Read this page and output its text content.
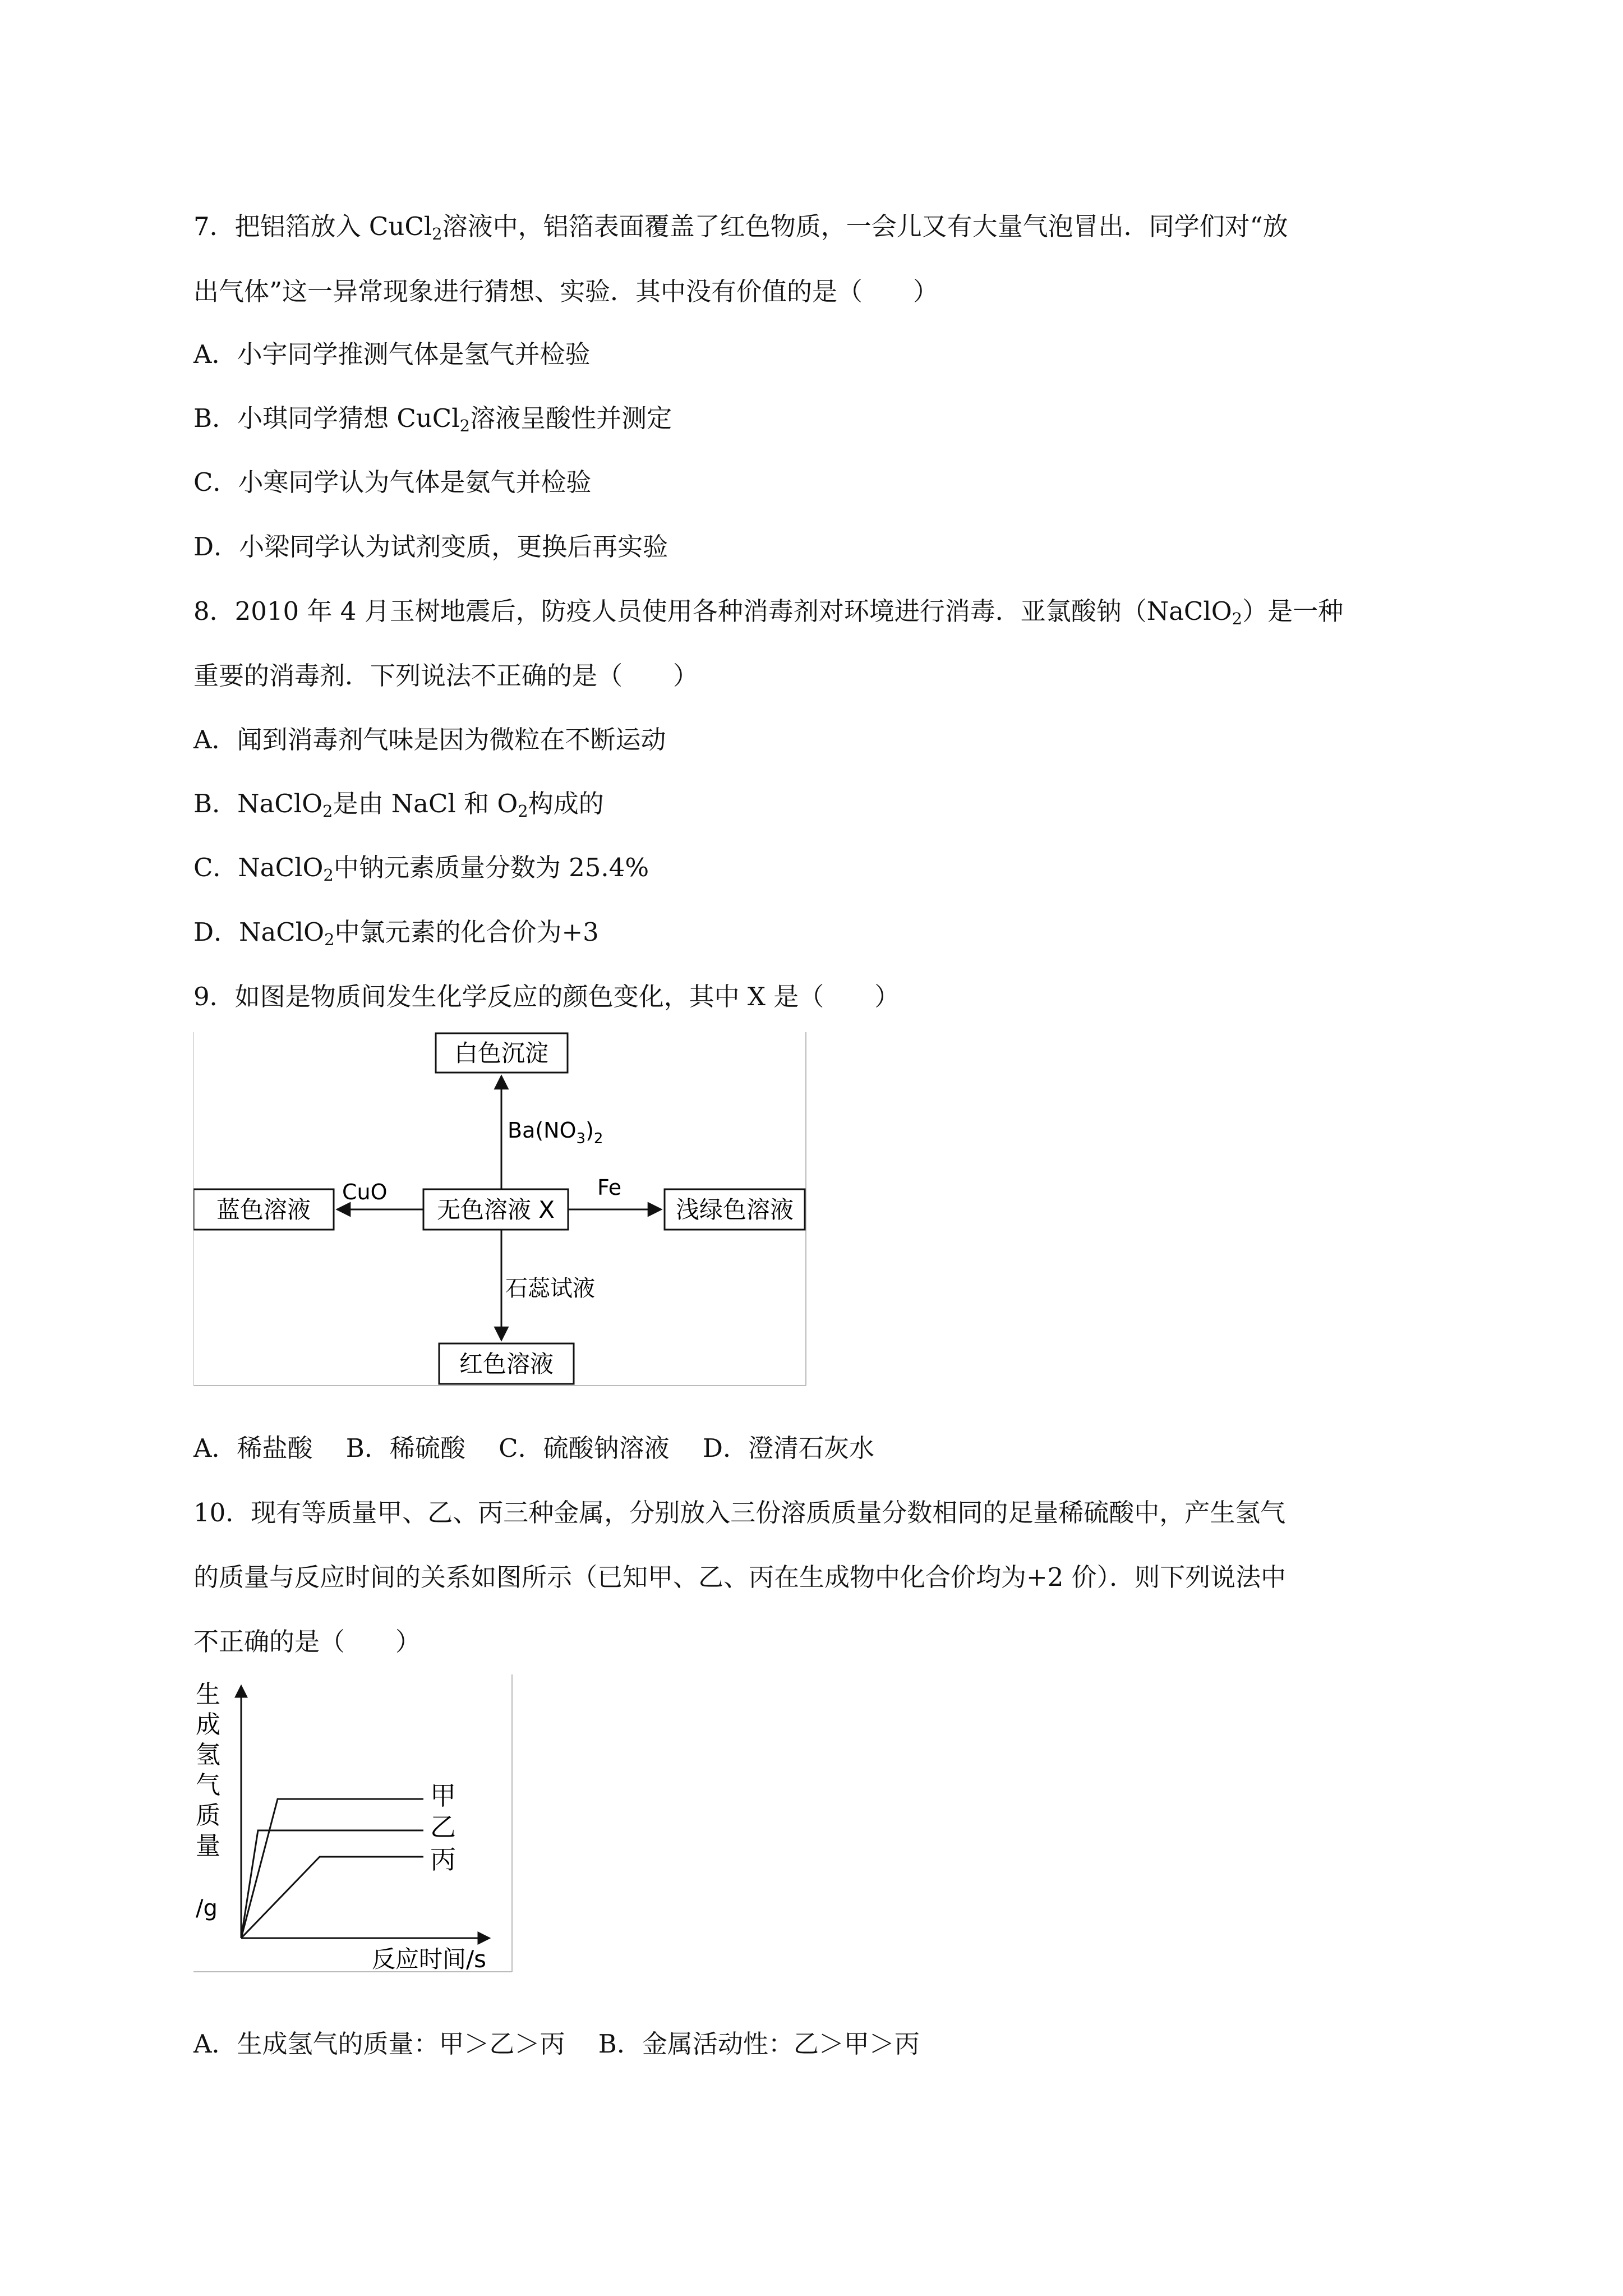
7．把铝箔放入 CuCl$_2$溶液中，铝箔表面覆盖了红色物质，一会儿又有大量气泡冒出．同学们对“放
出气体”这一异常现象进行猜想、实验．其中没有价值的是（　　）
A．小宇同学推测气体是氢气并检验
B．小琪同学猜想 CuCl$_2$溶液呈酸性并测定
C．小寒同学认为气体是氨气并检验
D．小梁同学认为试剂变质，更换后再实验
8．2010 年 4 月玉树地震后，防疫人员使用各种消毒剂对环境进行消毒．亚氯酸钠（NaClO$_2$）是一种
重要的消毒剂．下列说法不正确的是（　　）
A．闻到消毒剂气味是因为微粒在不断运动
B．NaClO$_2$是由 NaCl 和 $O_2$构成的
C．NaClO$_2$中钠元素质量分数为 25.4%
D．NaClO$_2$中氯元素的化合价为+3
9．如图是物质间发生化学反应的颜色变化，其中 X 是（　　）
白色沉淀
无色溶液 X
蓝色溶液	浅绿色溶液
红色溶液
$Ba(NO_3)_2$
CuO	Fe
石蕊试液
A．稀盐酸　 B．稀硫酸　 C．硫酸钠溶液　 D．澄清石灰水
10．现有等质量甲、乙、丙三种金属，分别放入三份溶质质量分数相同的足量稀硫酸中，产生氢气
的质量与反应时间的关系如图所示（已知甲、乙、丙在生成物中化合价均为+2 价）．则下列说法中
不正确的是（　　）
生
成
氢
气
质
量
/g
甲
乙
丙
反应时间/s
A．生成氢气的质量：甲＞乙＞丙　 B．金属活动性：乙＞甲＞丙
